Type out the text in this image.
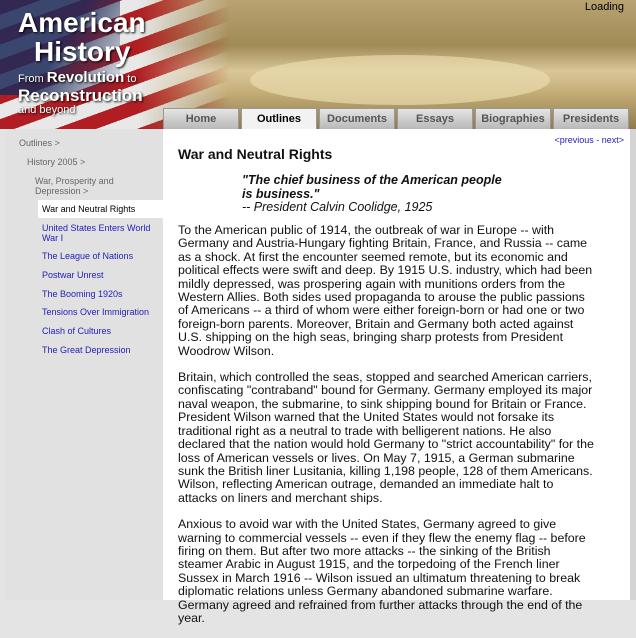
American
History
From Revolution to
Reconstruction
and beyond
Loading
Home	Outlines	Documents	Essays	Biographies	Presidents
Outlines >
History 2005 >
War, Prosperity and Depression >
War and Neutral Rights
United States Enters World War I
The League of Nations
Postwar Unrest
The Booming 1920s
Tensions Over Immigration
Clash of Cultures
The Great Depression
<previous - next>
War and Neutral Rights
"The chief business of the American people is business."
-- President Calvin Coolidge, 1925

To the American public of 1914, the outbreak of war in Europe -- with Germany and Austria-Hungary fighting Britain, France, and Russia -- came as a shock. At first the encounter seemed remote, but its economic and political effects were swift and deep. By 1915 U.S. industry, which had been mildly depressed, was prospering again with munitions orders from the Western Allies. Both sides used propaganda to arouse the public passions of Americans -- a third of whom were either foreign-born or had one or two foreign-born parents. Moreover, Britain and Germany both acted against U.S. shipping on the high seas, bringing sharp protests from President Woodrow Wilson.

Britain, which controlled the seas, stopped and searched American carriers, confiscating "contraband" bound for Germany. Germany employed its major naval weapon, the submarine, to sink shipping bound for Britain or France. President Wilson warned that the United States would not forsake its traditional right as a neutral to trade with belligerent nations. He also declared that the nation would hold Germany to "strict accountability" for the loss of American vessels or lives. On May 7, 1915, a German submarine sunk the British liner Lusitania, killing 1,198 people, 128 of them Americans. Wilson, reflecting American outrage, demanded an immediate halt to attacks on liners and merchant ships.

Anxious to avoid war with the United States, Germany agreed to give warning to commercial vessels -- even if they flew the enemy flag -- before firing on them. But after two more attacks -- the sinking of the British steamer Arabic in August 1915, and the torpedoing of the French liner Sussex in March 1916 -- Wilson issued an ultimatum threatening to break diplomatic relations unless Germany abandoned submarine warfare. Germany agreed and refrained from further attacks through the end of the year.
